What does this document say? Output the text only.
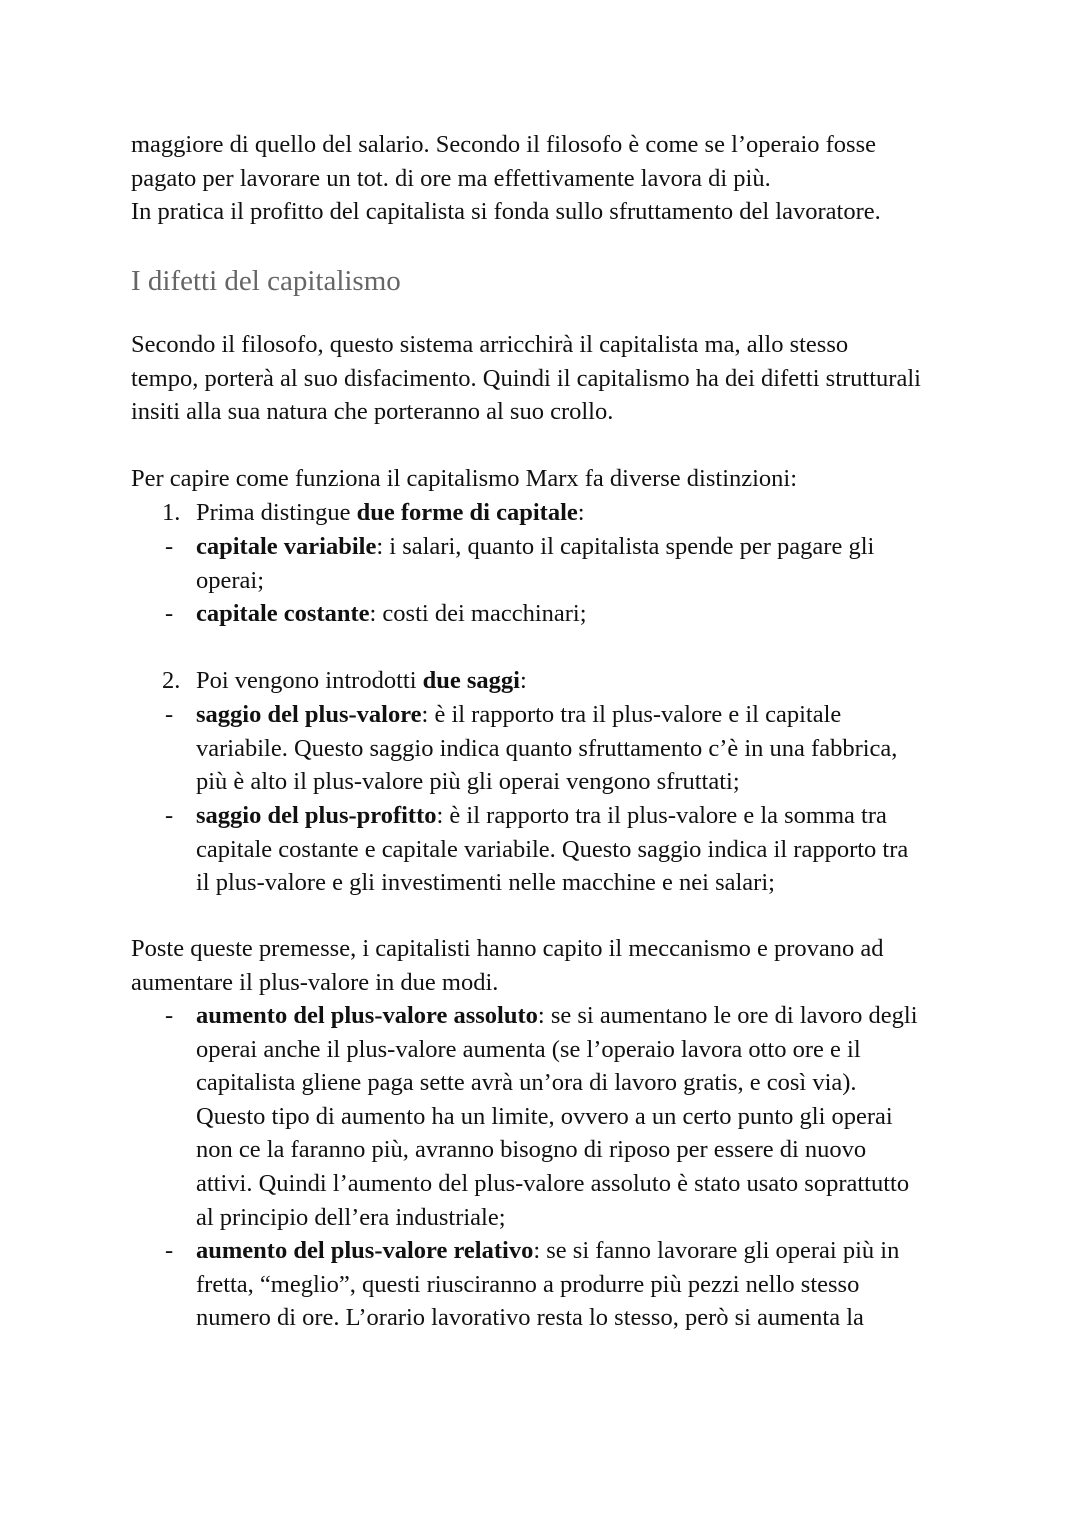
maggiore di quello del salario. Secondo il filosofo è come se l’operaio fosse
pagato per lavorare un tot. di ore ma effettivamente lavora di più.
In pratica il profitto del capitalista si fonda sullo sfruttamento del lavoratore.

I difetti del capitalismo

Secondo il filosofo, questo sistema arricchirà il capitalista ma, allo stesso
tempo, porterà al suo disfacimento. Quindi il capitalismo ha dei difetti strutturali
insiti alla sua natura che porteranno al suo crollo.

Per capire come funziona il capitalismo Marx fa diverse distinzioni:

1. Prima distingue due forme di capitale:

- capitale variabile: i salari, quanto il capitalista spende per pagare gli
operai;

- capitale costante: costi dei macchinari;

2. Poi vengono introdotti due saggi:

- saggio del plus-valore: è il rapporto tra il plus-valore e il capitale
variabile. Questo saggio indica quanto sfruttamento c’è in una fabbrica,
più è alto il plus-valore più gli operai vengono sfruttati;

- saggio del plus-profitto: è il rapporto tra il plus-valore e la somma tra
capitale costante e capitale variabile. Questo saggio indica il rapporto tra
il plus-valore e gli investimenti nelle macchine e nei salari;

Poste queste premesse, i capitalisti hanno capito il meccanismo e provano ad
aumentare il plus-valore in due modi.

- aumento del plus-valore assoluto: se si aumentano le ore di lavoro degli
operai anche il plus-valore aumenta (se l’operaio lavora otto ore e il
capitalista gliene paga sette avrà un’ora di lavoro gratis, e così via).
Questo tipo di aumento ha un limite, ovvero a un certo punto gli operai
non ce la faranno più, avranno bisogno di riposo per essere di nuovo
attivi. Quindi l’aumento del plus-valore assoluto è stato usato soprattutto
al principio dell’era industriale;

- aumento del plus-valore relativo: se si fanno lavorare gli operai più in
fretta, “meglio”, questi riusciranno a produrre più pezzi nello stesso
numero di ore. L’orario lavorativo resta lo stesso, però si aumenta la
